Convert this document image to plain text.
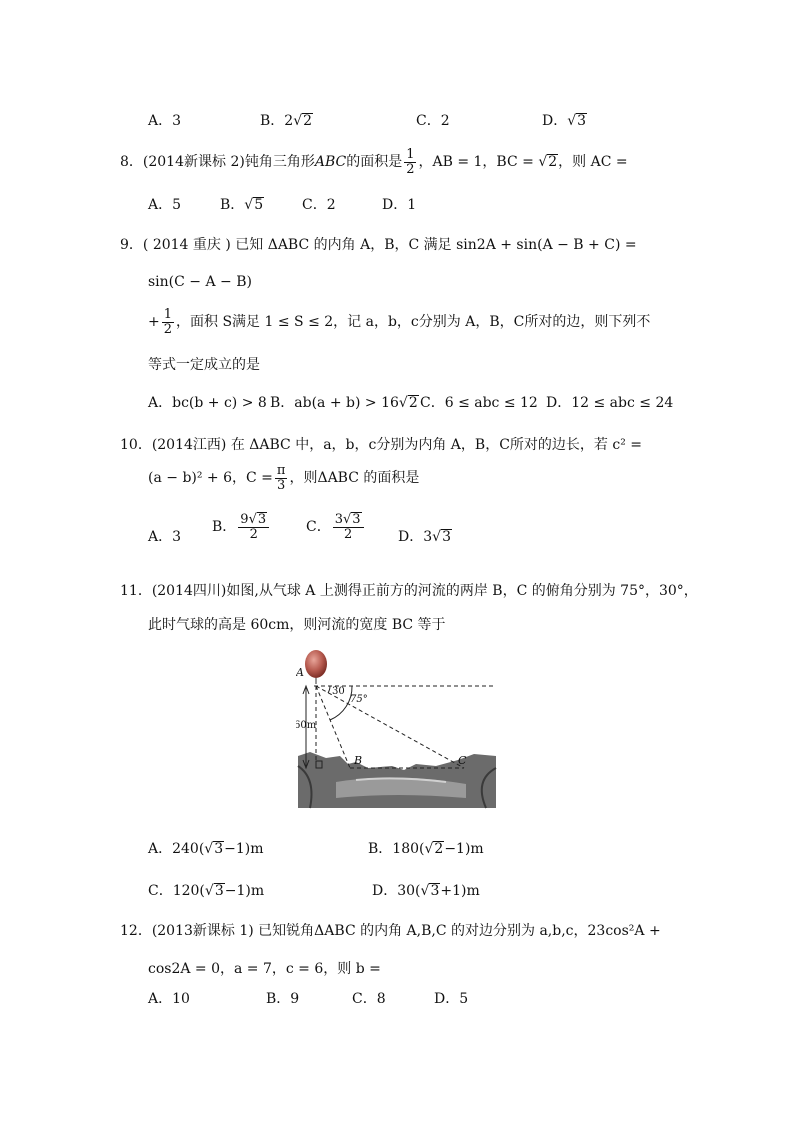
A．3	B．2√2	C．2	D．√3
8．(2014新课标 2)钝角三角形ABC的面积是 $\frac{1}{2}$ ，AB = 1，BC = √2，则 AC =
A．5	B．√5	C．2	D．1
9．( 2014 重庆 ) 已知 ΔABC 的内角 A，B，C 满足 sin2A + sin(A − B + C) =
sin(C − A − B)
+ $\frac{1}{2}$ ，面积 S满足 1 ≤ S ≤ 2，记 a，b，c分别为 A，B，C所对的边，则下列不
等式一定成立的是
A．bc(b + c) > 8 B．ab(a + b) > 16√2 C．6 ≤ abc ≤ 12 D．12 ≤ abc ≤ 24
10．(2014江西) 在 ΔABC 中，a，b，c分别为内角 A，B，C所对的边长，若 c² =
(a − b)² + 6，$C = \frac{\pi}{3}$ ，则ΔABC 的面积是
A．3
B． $\frac{9√3}{2}$	C． $\frac{3√3}{2}$ D．3√3
11．(2014四川)如图,从气球 A 上测得正前方的河流的两岸 B，C 的俯角分别为 75°，30°，
此时气球的高是 60cm，则河流的宽度 BC 等于
A
B	C
30
75°
60m
A．240(√3−1)m	B．180(√2−1)m
C．120(√3−1)m	D．30(√3+1)m
12．(2013新课标 1) 已知锐角ΔABC 的内角 A,B,C 的对边分别为 a,b,c，23cos²A +
cos2A = 0，a = 7，c = 6，则 b =
A．10	B．9	C．8	D．5
